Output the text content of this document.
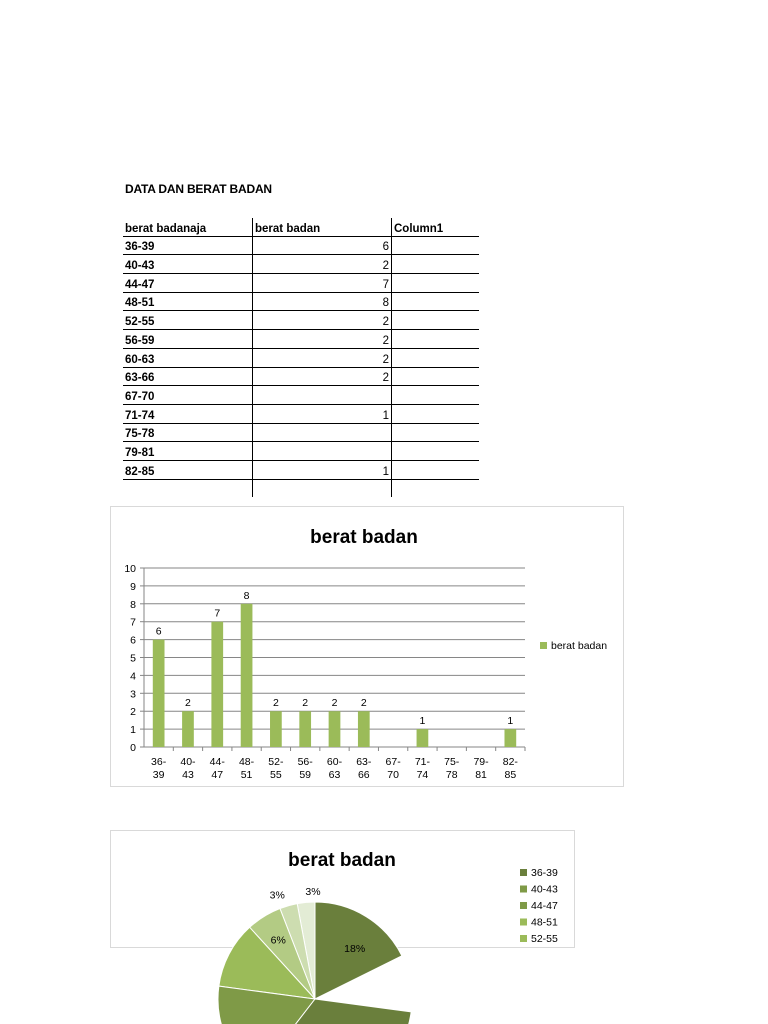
DATA DAN BERAT BADAN
berat badanaja	berat badan	Column1
36-39	6	
40-43	2	
44-47	7	
48-51	8	
52-55	2	
56-59	2	
60-63	2	
63-66	2	
67-70		
71-74	1	
75-78		
79-81		
82-85	1	

berat badan
0
1
2
3
4
5
6
7
8
9
10
36-
39
6
40-
43
2
44-
47
7
48-
51
8
52-
55
2
56-
59
2
60-
63
2
63-
66
2
67-
70
71-
74
1
75-
78
79-
81
82-
85
1
berat badan
berat badan
18%
3%
3%
6%
36-39
40-43
44-47
48-51
52-55
